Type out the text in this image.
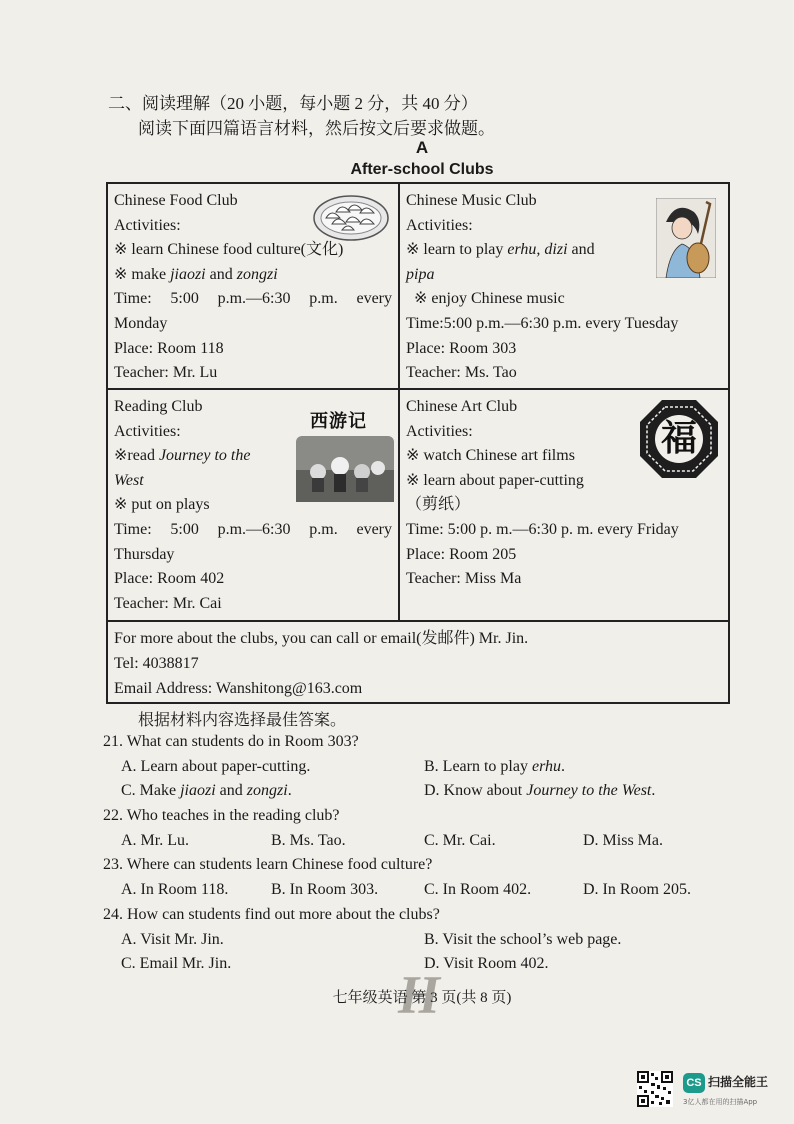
二、阅读理解（20 小题，每小题 2 分，共 40 分）
阅读下面四篇语言材料，然后按文后要求做题。
A
After-school Clubs
Chinese Food Club
Activities:
※ learn Chinese food culture(文化)
※ make jiaozi and zongzi
Time: 5:00 p.m.—6:30 p.m. every
Monday
Place: Room 118
Teacher: Mr. Lu
Chinese Music Club
Activities:
※ learn to play erhu, dizi and
pipa
※ enjoy Chinese music
Time:5:00 p.m.—6:30 p.m. every Tuesday
Place: Room 303
Teacher: Ms. Tao
Reading Club
Activities:
※read Journey to the
West
※ put on plays
Time: 5:00 p.m.—6:30 p.m. every
Thursday
Place: Room 402
Teacher: Mr. Cai
西游记
Chinese Art Club
Activities:
※ watch Chinese art films
※ learn about paper-cutting
（剪纸）
Time: 5:00 p. m.—6:30 p. m. every Friday
Place: Room 205
Teacher: Miss Ma
福
For more about the clubs, you can call or email(发邮件) Mr. Jin.
Tel: 4038817
Email Address: Wanshitong@163.com
根据材料内容选择最佳答案。
21. What can students do in Room 303?
A. Learn about paper-cutting.	B. Learn to play erhu.
C. Make jiaozi and zongzi.	D. Know about Journey to the West.
22. Who teaches in the reading club?
A. Mr. Lu.	B. Ms. Tao.	C. Mr. Cai.	D. Miss Ma.
23. Where can students learn Chinese food culture?
A. In Room 118.	B. In Room 303.	C. In Room 402.	D. In Room 205.
24. How can students find out more about the clubs?
A. Visit Mr. Jin.	B. Visit the school’s web page.
C. Email Mr. Jin.	D. Visit Room 402.
H
七年级英语 第 3 页(共 8 页)
CS 扫描全能王
3亿人都在用的扫描App
